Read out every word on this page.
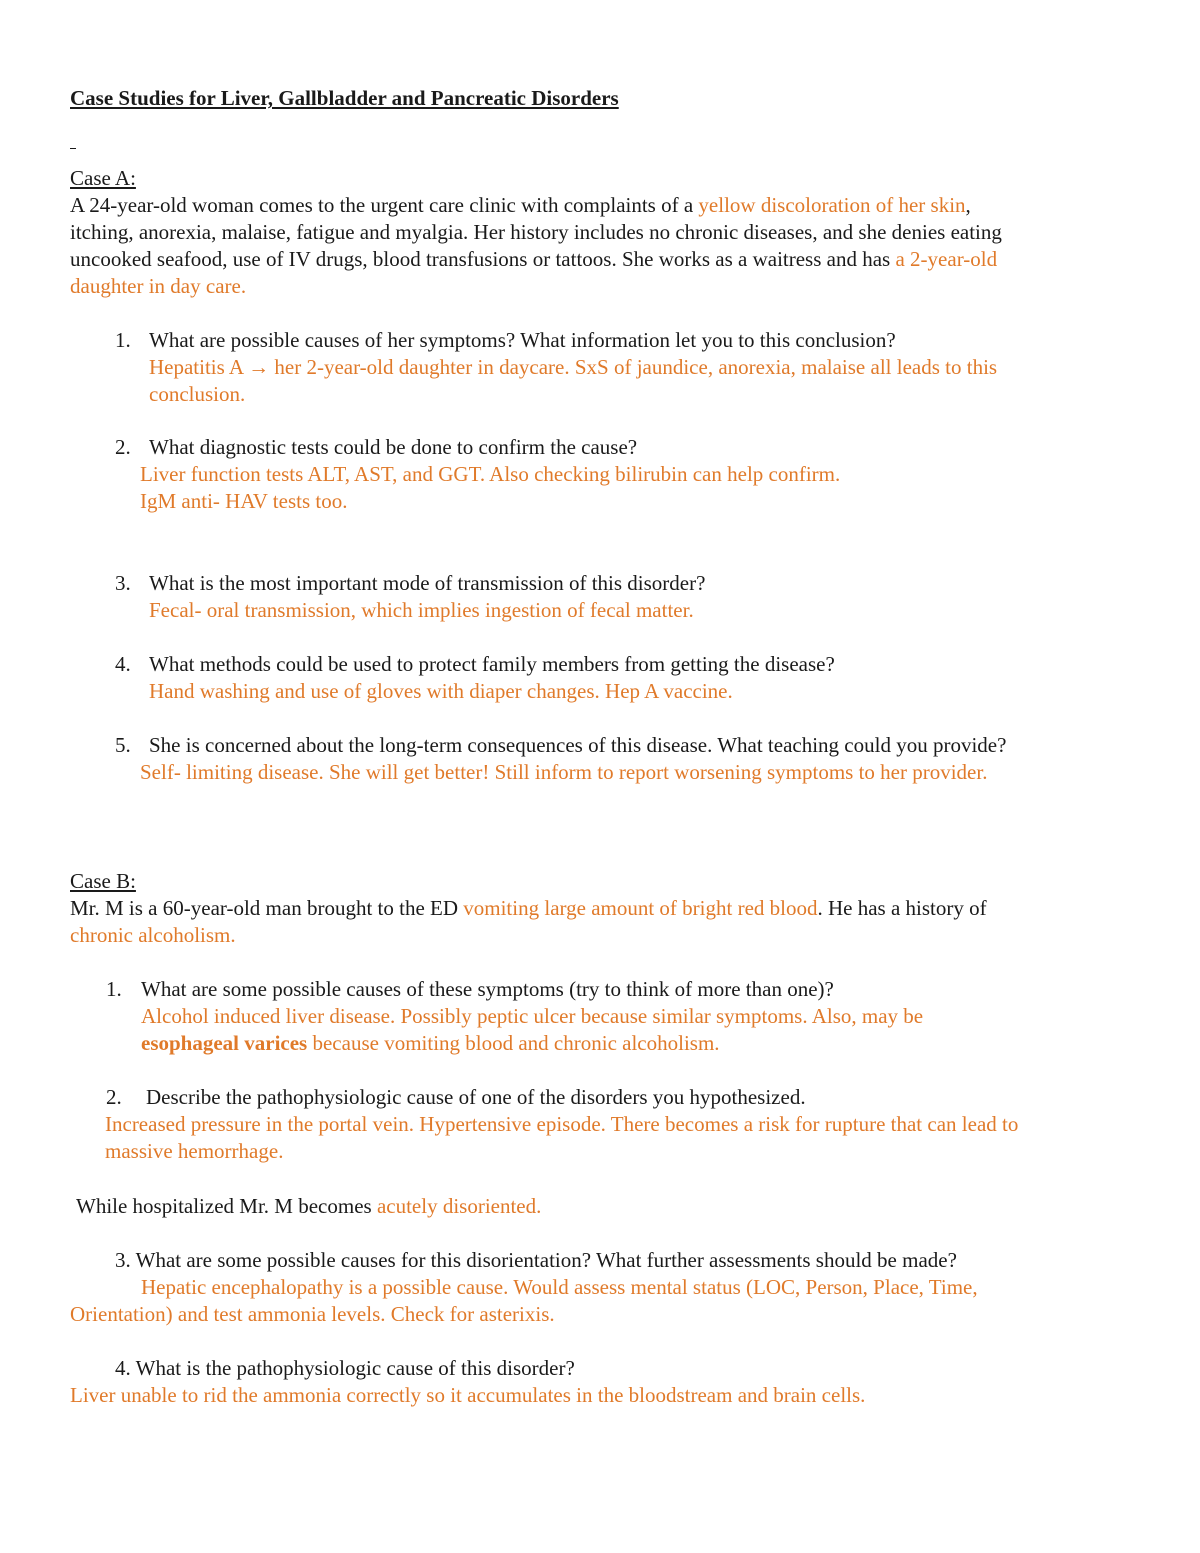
Case Studies for Liver, Gallbladder and Pancreatic Disorders
Case A:
A 24-year-old woman comes to the urgent care clinic with complaints of a yellow discoloration of her skin,
itching, anorexia, malaise, fatigue and myalgia. Her history includes no chronic diseases, and she denies eating
uncooked seafood, use of IV drugs, blood transfusions or tattoos. She works as a waitress and has a 2-year-old
daughter in day care.
1. What are possible causes of her symptoms? What information let you to this conclusion?
Hepatitis A → her 2-year-old daughter in daycare. SxS of jaundice, anorexia, malaise all leads to this
conclusion.
2. What diagnostic tests could be done to confirm the cause?
Liver function tests ALT, AST, and GGT. Also checking bilirubin can help confirm.
IgM anti- HAV tests too.
3. What is the most important mode of transmission of this disorder?
Fecal- oral transmission, which implies ingestion of fecal matter.
4. What methods could be used to protect family members from getting the disease?
Hand washing and use of gloves with diaper changes. Hep A vaccine.
5. She is concerned about the long-term consequences of this disease. What teaching could you provide?
Self- limiting disease. She will get better! Still inform to report worsening symptoms to her provider.
Case B:
Mr. M is a 60-year-old man brought to the ED vomiting large amount of bright red blood. He has a history of
chronic alcoholism.
1. What are some possible causes of these symptoms (try to think of more than one)?
Alcohol induced liver disease. Possibly peptic ulcer because similar symptoms. Also, may be
esophageal varices because vomiting blood and chronic alcoholism.
2. Describe the pathophysiologic cause of one of the disorders you hypothesized.
Increased pressure in the portal vein. Hypertensive episode. There becomes a risk for rupture that can lead to
massive hemorrhage.
While hospitalized Mr. M becomes acutely disoriented.
3. What are some possible causes for this disorientation? What further assessments should be made?
Hepatic encephalopathy is a possible cause. Would assess mental status (LOC, Person, Place, Time,
Orientation) and test ammonia levels. Check for asterixis.
4. What is the pathophysiologic cause of this disorder?
Liver unable to rid the ammonia correctly so it accumulates in the bloodstream and brain cells.
